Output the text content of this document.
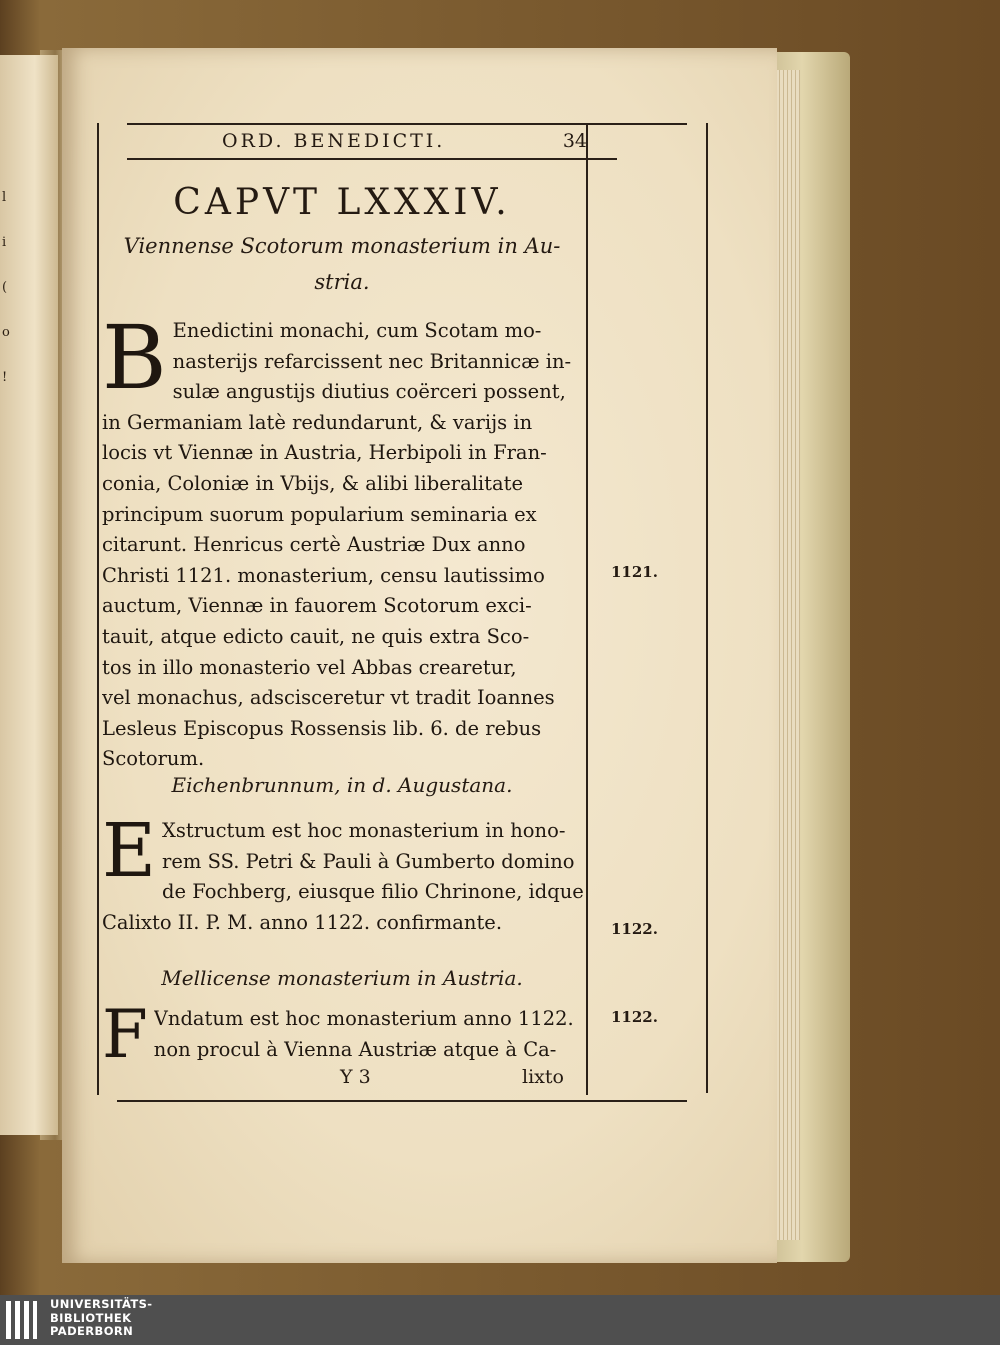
l
i
(
o
!
ORD. BENEDICTI.	34
CAPVT LXXXIV.
Viennense Scotorum monasterium in Au-
stria.
B Enedictini monachi, cum Scotam mo-
nasterijs refarcissent nec Britannicæ in-
sulæ angustijs diutius coërceri possent,
in Germaniam latè redundarunt, & varijs in
locis vt Viennæ in Austria, Herbipoli in Fran-
conia, Coloniæ in Vbijs, & alibi liberalitate
principum suorum popularium seminaria ex
citarunt. Henricus certè Austriæ Dux anno
Christi 1121. monasterium, censu lautissimo
auctum, Viennæ in fauorem Scotorum exci-
tauit, atque edicto cauit, ne quis extra Sco-
tos in illo monasterio vel Abbas crearetur,
vel monachus, adsciscеretur vt tradit Ioannes
Lesleus Episcopus Rossensis lib. 6. de rebus
Scotorum.
Eichenbrunnum, in d. Augustana.
E Xstructum est hoc monasterium in hono-
rem SS. Petri & Pauli à Gumberto domino
de Fochberg, eiusque filio Chrinone, idque
Calixto II. P. M. anno 1122. confirmante.
Mellicense monasterium in Austria.
F Vndatum est hoc monasterium anno 1122.
non procul à Vienna Austriæ atque à Ca-
1121.
1122.
1122.
Y 3	lixto
UNIVERSITÄTS-
BIBLIOTHEK
PADERBORN
